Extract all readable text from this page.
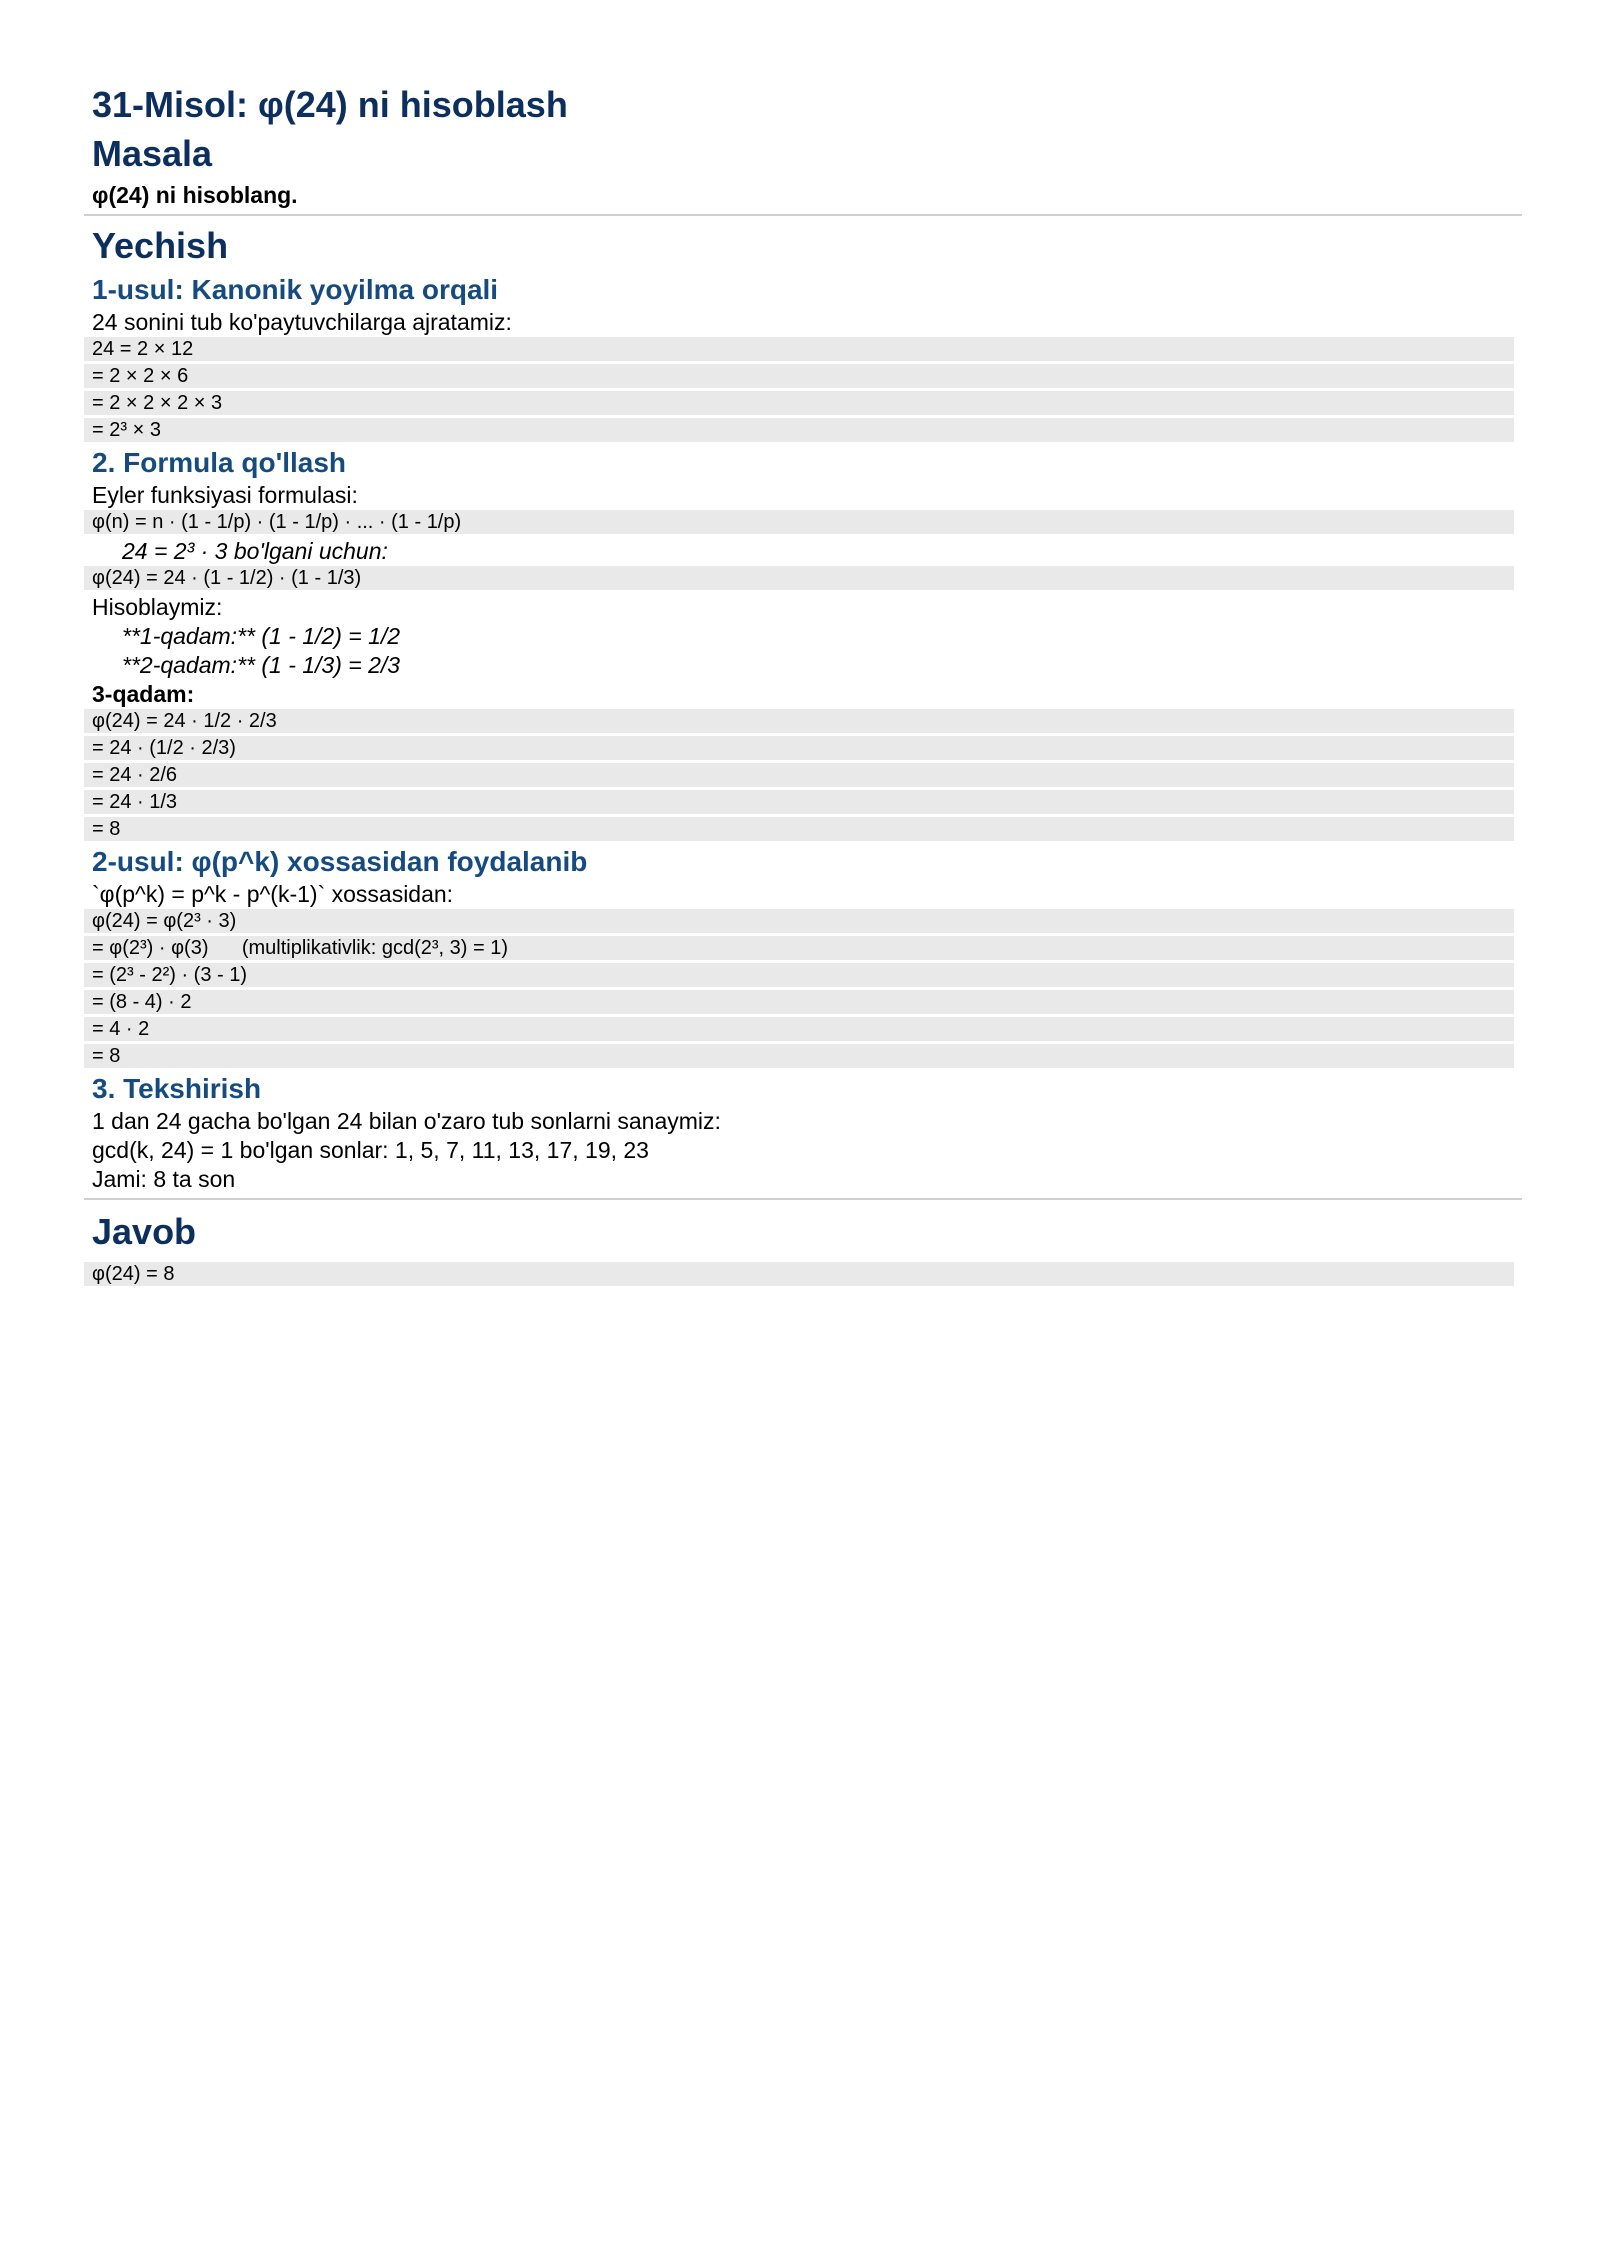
31-Misol: φ(24) ni hisoblash
Masala

φ(24) ni hisoblang.

Yechish
1-usul: Kanonik yoyilma orqali

24 sonini tub ko'paytuvchilarga ajratamiz:

24 = 2 × 12
= 2 × 2 × 6
= 2 × 2 × 2 × 3
= 2³ × 3
2. Formula qo'llash

Eyler funksiyasi formulasi:

φ(n) = n · (1 - 1/p) · (1 - 1/p) · ... · (1 - 1/p)

24 = 2³ · 3 bo'lgani uchun:

φ(24) = 24 · (1 - 1/2) · (1 - 1/3)

Hisoblaymiz:

**1-qadam:** (1 - 1/2) = 1/2

**2-qadam:** (1 - 1/3) = 2/3

3-qadam:

φ(24) = 24 · 1/2 · 2/3
= 24 · (1/2 · 2/3)
= 24 · 2/6
= 24 · 1/3
= 8
2-usul: φ(p^k) xossasidan foydalanib

`φ(p^k) = p^k - p^(k-1)` xossasidan:

φ(24) = φ(2³ · 3)
= φ(2³) · φ(3)      (multiplikativlik: gcd(2³, 3) = 1)
= (2³ - 2²) · (3 - 1)
= (8 - 4) · 2
= 4 · 2
= 8
3. Tekshirish

1 dan 24 gacha bo'lgan 24 bilan o'zaro tub sonlarni sanaymiz:

gcd(k, 24) = 1 bo'lgan sonlar: 1, 5, 7, 11, 13, 17, 19, 23

Jami: 8 ta son

Javob
φ(24) = 8
